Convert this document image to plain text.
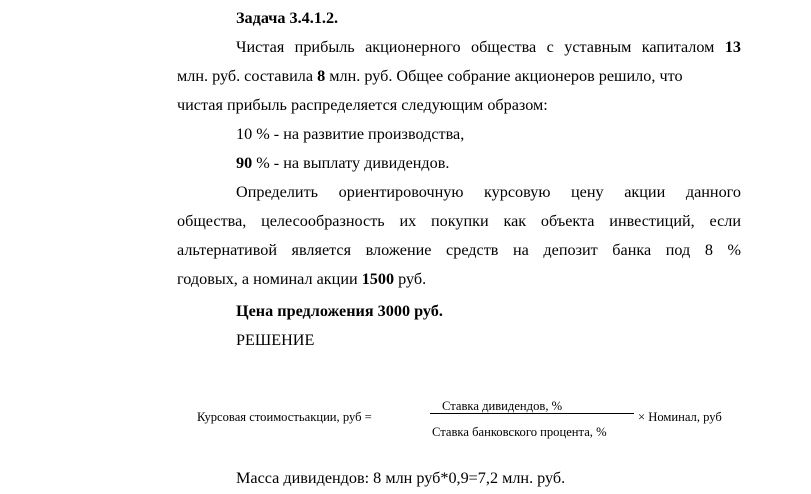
Задача 3.4.1.2.
Чистая прибыль акционерного общества с уставным капиталом 13
млн. руб. составила 8 млн. руб. Общее собрание акционеров решило, что
чистая прибыль распределяется следующим образом:
10 % - на развитие производства,
90 % - на выплату дивидендов.
Определить ориентировочную курсовую цену акции данного
общества, целесообразность их покупки как объекта инвестиций, если
альтернативой является вложение средств на депозит банка под 8 %
годовых, а номинал акции 1500 руб.
Цена предложения 3000 руб.
РЕШЕНИЕ
Курсовая стоимостьакции, руб =
Ставка дивидендов, %
Ставка банковского процента, %
× Номинал, руб
Масса дивидендов: 8 млн руб*0,9=7,2 млн. руб.
